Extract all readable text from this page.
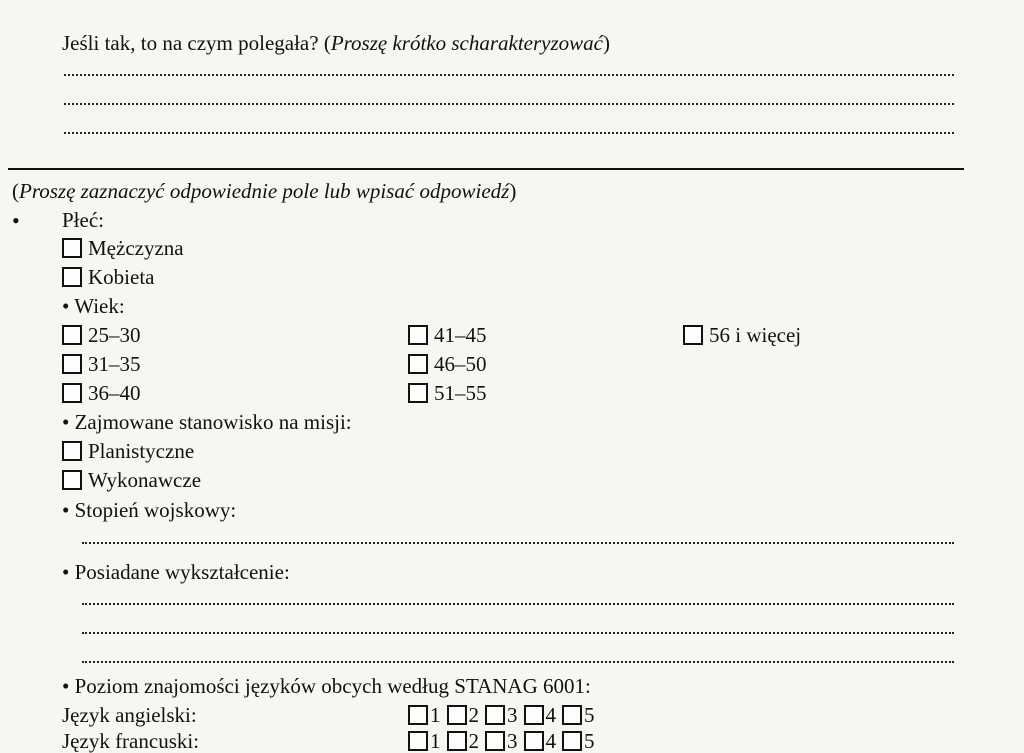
Jeśli tak, to na czym polegała? (Proszę krótko scharakteryzować)
(Proszę zaznaczyć odpowiednie pole lub wpisać odpowiedź)
• Płeć:
Mężczyzna
Kobieta
• Wiek:
25–30
31–35
36–40
41–45
46–50
51–55
56 i więcej
• Zajmowane stanowisko na misji:
Planistyczne
Wykonawcze
• Stopień wojskowy:
• Posiadane wykształcenie:
• Poziom znajomości języków obcych według STANAG 6001:
Język angielski:	1 2 3 4 5
Język francuski:	1 2 3 4 5
